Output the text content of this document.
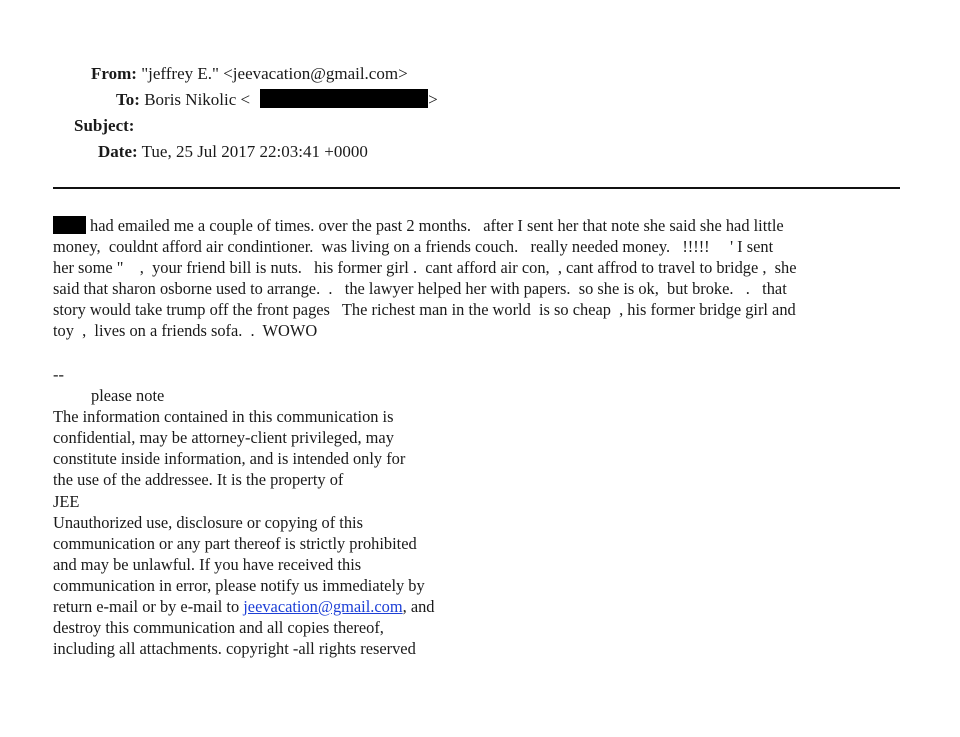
From: "jeffrey E." <jeevacation@gmail.com>
To: Boris Nikolic <	>
Subject:
Date: Tue, 25 Jul 2017 22:03:41 +0000
had emailed me a couple of times. over the past 2 months.   after I sent her that note she said she had little
money,  couldnt afford air condintioner.  was living on a friends couch.   really needed money.   !!!!!     ' I sent
her some "    ,  your friend bill is nuts.   his former girl .  cant afford air con,  , cant affrod to travel to bridge ,  she
said that sharon osborne used to arrange.  .   the lawyer helped her with papers.  so she is ok,  but broke.   .   that
story would take trump off the front pages   The richest man in the world  is so cheap  , his former bridge girl and
toy  ,  lives on a friends sofa.  .  WOWO
--
please note
The information contained in this communication is
confidential, may be attorney-client privileged, may
constitute inside information, and is intended only for
the use of the addressee. It is the property of
JEE
Unauthorized use, disclosure or copying of this
communication or any part thereof is strictly prohibited
and may be unlawful. If you have received this
communication in error, please notify us immediately by
return e-mail or by e-mail to jeevacation@gmail.com, and
destroy this communication and all copies thereof,
including all attachments. copyright -all rights reserved
